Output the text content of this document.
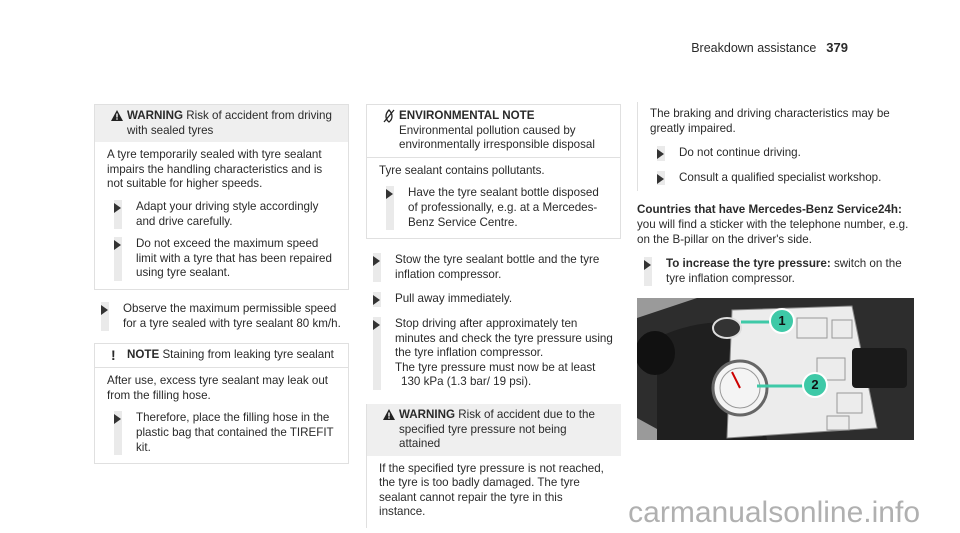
Breakdown assistance 379

WARNING Risk of accident from driving with sealed tyres

A tyre temporarily sealed with tyre sealant impairs the handling characteristics and is not suitable for higher speeds.

Adapt your driving style accordingly and drive carefully.

Do not exceed the maximum speed limit with a tyre that has been repaired using tyre sealant.

Observe the maximum permissible speed for a tyre sealed with tyre sealant 80 km/h.

! NOTE Staining from leaking tyre sealant

After use, excess tyre sealant may leak out from the filling hose.

Therefore, place the filling hose in the plastic bag that contained the TIREFIT kit.

ENVIRONMENTAL NOTE Environmental pollution caused by environmentally irresponsible disposal

Tyre sealant contains pollutants.

Have the tyre sealant bottle disposed of professionally, e.g. at a Mercedes-Benz Service Centre.

Stow the tyre sealant bottle and the tyre inflation compressor.

Pull away immediately.

Stop driving after approximately ten minutes and check the tyre pressure using the tyre inflation compressor.

The tyre pressure must now be at least

130 kPa (1.3 bar/ 19 psi).

WARNING Risk of accident due to the specified tyre pressure not being attained

If the specified tyre pressure is not reached, the tyre is too badly damaged. The tyre sealant cannot repair the tyre in this instance.

The braking and driving characteristics may be greatly impaired.

Do not continue driving.

Consult a qualified specialist workshop.

Countries that have Mercedes-Benz Service24h: you will find a sticker with the telephone number, e.g. on the B-pillar on the driver's side.

To increase the tyre pressure: switch on the tyre inflation compressor.

1
2
carmanualsonline.info
